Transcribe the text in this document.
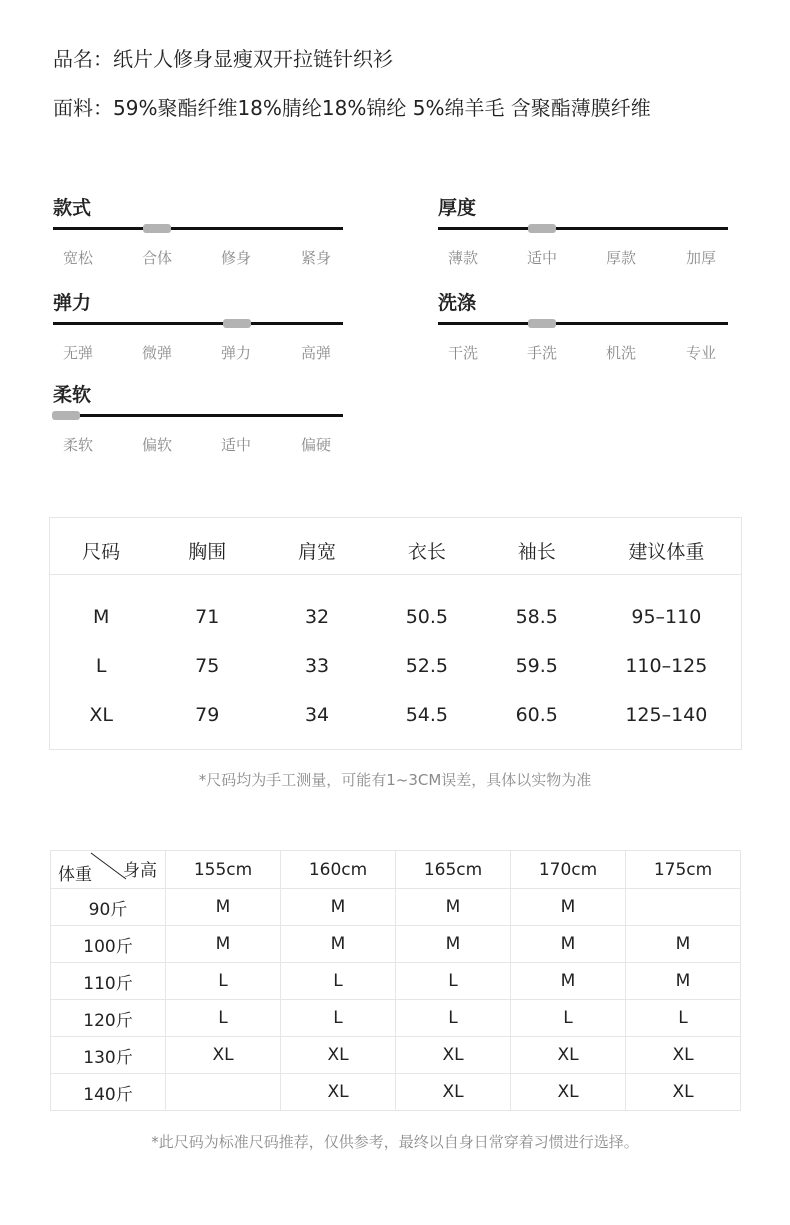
品名：纸片人修身显瘦双开拉链针织衫
面料：59%聚酯纤维18%腈纶18%锦纶 5%绵羊毛 含聚酯薄膜纤维
款式
宽松	合体	修身	紧身
厚度
薄款	适中	厚款	加厚
弹力
无弹	微弹	弹力	高弹
洗涤
干洗	手洗	机洗	专业
柔软
柔软	偏软	适中	偏硬
尺码	胸围	肩宽	衣长	袖长	建议体重
M	71	32	50.5	58.5	95–110
L	75	33	52.5	59.5	110–125
XL	79	34	54.5	60.5	125–140
*尺码均为手工测量，可能有1~3CM误差，具体以实物为准
身高
体重	155cm	160cm	165cm	170cm	175cm
90斤	M	M	M	M	
100斤	M	M	M	M	M
110斤	L	L	L	M	M
120斤	L	L	L	L	L
130斤	XL	XL	XL	XL	XL
140斤		XL	XL	XL	XL
*此尺码为标准尺码推荐，仅供参考，最终以自身日常穿着习惯进行选择。
